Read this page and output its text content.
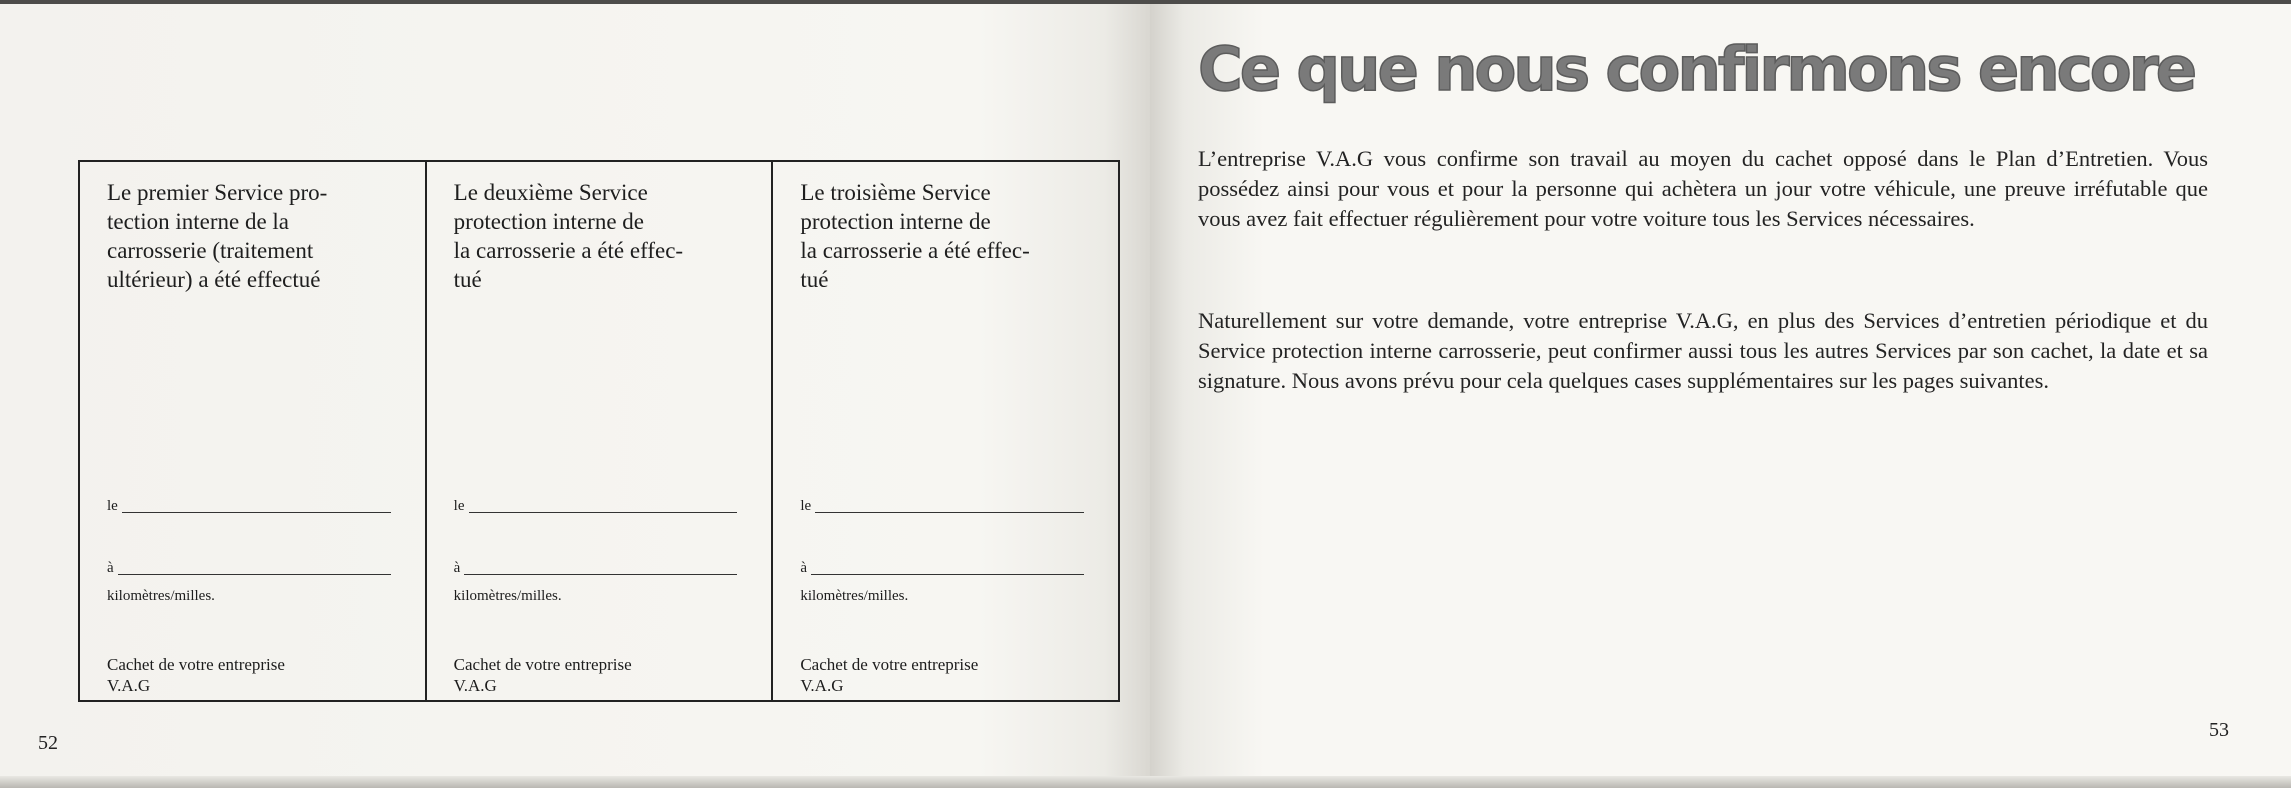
Le premier Service pro-
tection interne de la
carrosserie (traitement
ultérieur) a été effectué
le
à
kilomètres/milles.
Cachet de votre entreprise
V.A.G
Le deuxième Service
protection interne de
la carrosserie a été effec-
tué
le
à
kilomètres/milles.
Cachet de votre entreprise
V.A.G
Le troisième Service
protection interne de
la carrosserie a été effec-
tué
le
à
kilomètres/milles.
Cachet de votre entreprise
V.A.G
52
Ce que nous confirmons encore

L’entreprise V.A.G vous confirme son travail au moyen du cachet opposé dans le Plan d’Entretien. Vous possédez ainsi pour vous et pour la personne qui achètera un jour votre véhicule, une preuve irréfutable que vous avez fait effectuer régulièrement pour votre voiture tous les Services nécessaires.

Naturellement sur votre demande, votre entreprise V.A.G, en plus des Services d’entretien périodique et du Service protection interne carrosserie, peut confirmer aussi tous les autres Services par son cachet, la date et sa signature. Nous avons prévu pour cela quelques cases supplémentaires sur les pages suivantes.

53
